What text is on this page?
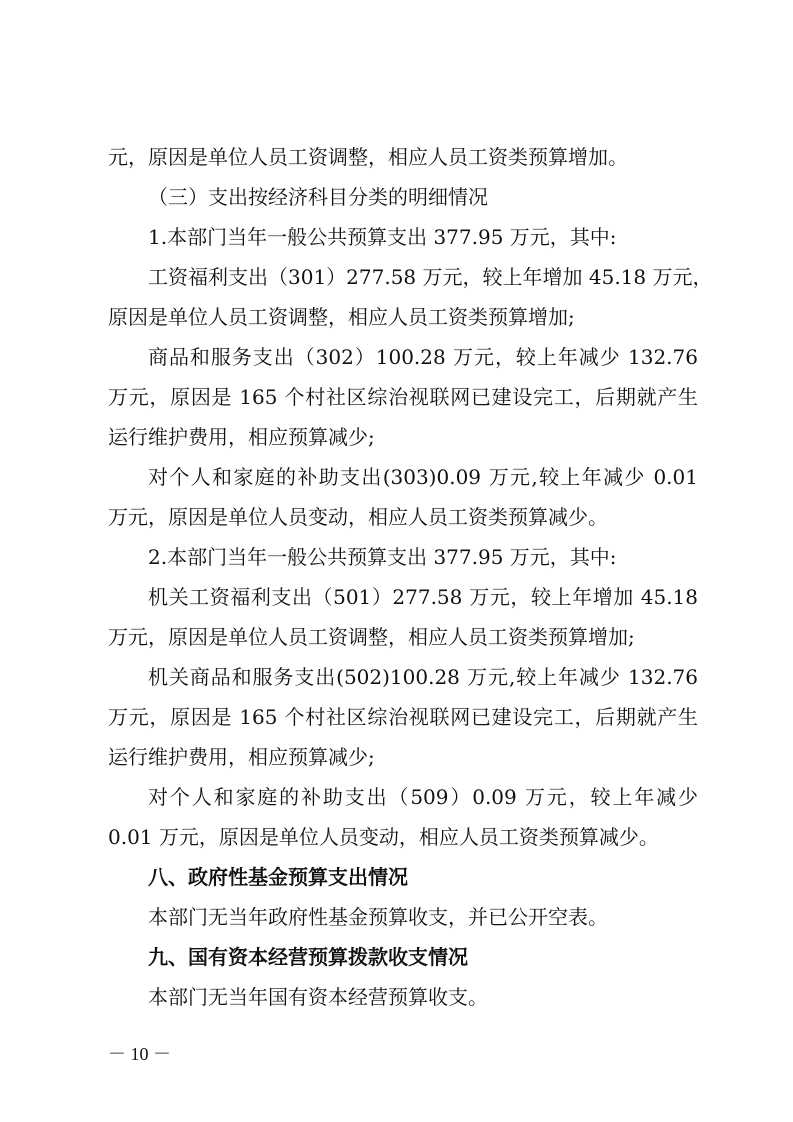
元，原因是单位人员工资调整，相应人员工资类预算增加。

（三）支出按经济科目分类的明细情况

1.本部门当年一般公共预算支出 377.95 万元，其中:

工资福利支出（301）277.58 万元，较上年增加 45.18 万元，

原因是单位人员工资调整，相应人员工资类预算增加;

商品和服务支出（302）100.28 万元，较上年减少 132.76

万元，原因是 165 个村社区综治视联网已建设完工，后期就产生

运行维护费用，相应预算减少;

对个人和家庭的补助支出(303)0.09 万元,较上年减少 0.01

万元，原因是单位人员变动，相应人员工资类预算减少。

2.本部门当年一般公共预算支出 377.95 万元，其中:

机关工资福利支出（501）277.58 万元，较上年增加 45.18

万元，原因是单位人员工资调整，相应人员工资类预算增加;

机关商品和服务支出(502)100.28 万元,较上年减少 132.76

万元，原因是 165 个村社区综治视联网已建设完工，后期就产生

运行维护费用，相应预算减少;

对个人和家庭的补助支出（509）0.09 万元，较上年减少

0.01 万元，原因是单位人员变动，相应人员工资类预算减少。

八、政府性基金预算支出情况

本部门无当年政府性基金预算收支，并已公开空表。

九、国有资本经营预算拨款收支情况

本部门无当年国有资本经营预算收支。

－ 10 －
